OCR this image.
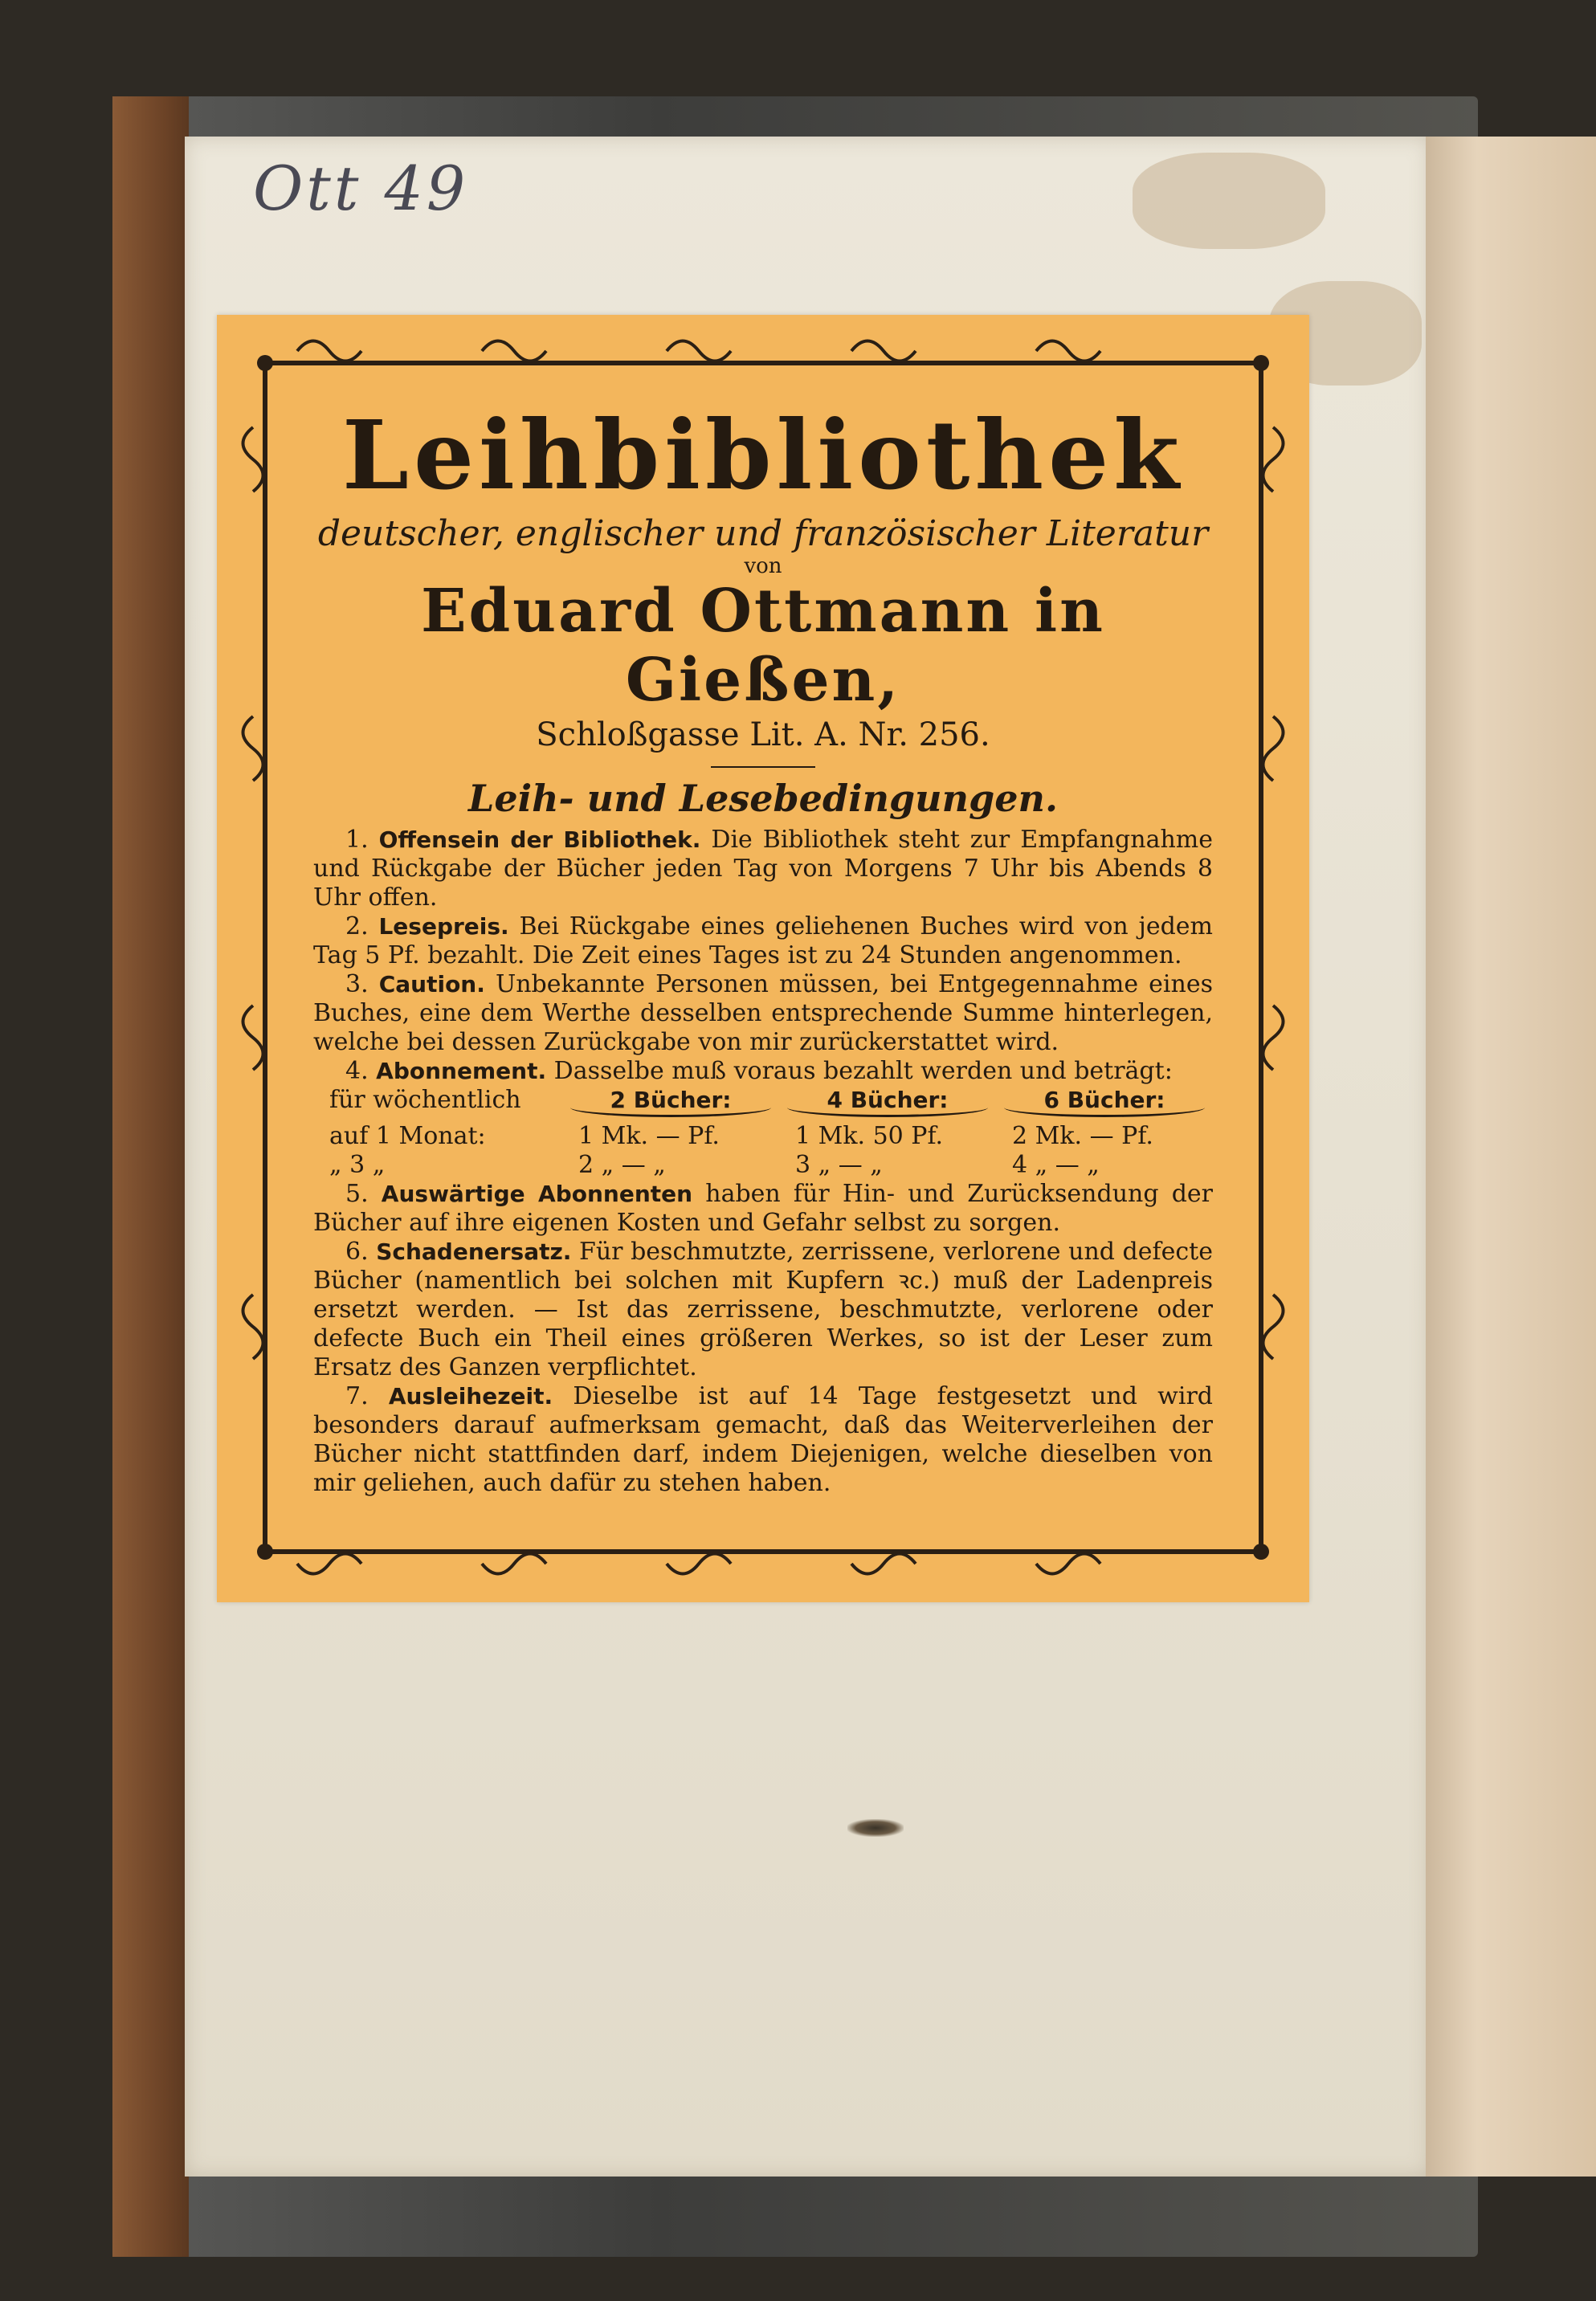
Ott 49
Leihbibliothek
deutscher, englischer und französischer Literatur
von
Eduard Ottmann in Gießen,
Schloßgasse Lit. A. Nr. 256.
Leih- und Lesebedingungen.

1. Offensein der Bibliothek. Die Bibliothek steht zur Empfangnahme und Rückgabe der Bücher jeden Tag von Morgens 7 Uhr bis Abends 8 Uhr offen.

2. Lesepreis. Bei Rückgabe eines geliehenen Buches wird von jedem Tag 5 Pf. bezahlt. Die Zeit eines Tages ist zu 24 Stunden angenommen.

3. Caution. Unbekannte Personen müssen, bei Entgegennahme eines Buches, eine dem Werthe desselben entsprechende Summe hinterlegen, welche bei dessen Zurückgabe von mir zurückerstattet wird.

4. Abonnement. Dasselbe muß voraus bezahlt werden und beträgt:

für wöchentlich	2 Bücher:	4 Bücher:	6 Bücher:
auf 1 Monat:	1 Mk. — Pf.	1 Mk. 50 Pf.	2 Mk. — Pf.
„ 3 „	2 „ — „	3 „ — „	4 „ — „

5. Auswärtige Abonnenten haben für Hin- und Zurücksendung der Bücher auf ihre eigenen Kosten und Gefahr selbst zu sorgen.

6. Schadenersatz. Für beschmutzte, zerrissene, verlorene und defecte Bücher (namentlich bei solchen mit Kupfern ꝛc.) muß der Ladenpreis ersetzt werden. — Ist das zerrissene, beschmutzte, verlorene oder defecte Buch ein Theil eines größeren Werkes, so ist der Leser zum Ersatz des Ganzen verpflichtet.

7. Ausleihezeit. Dieselbe ist auf 14 Tage festgesetzt und wird besonders darauf aufmerksam gemacht, daß das Weiterverleihen der Bücher nicht stattfinden darf, indem Diejenigen, welche dieselben von mir geliehen, auch dafür zu stehen haben.
